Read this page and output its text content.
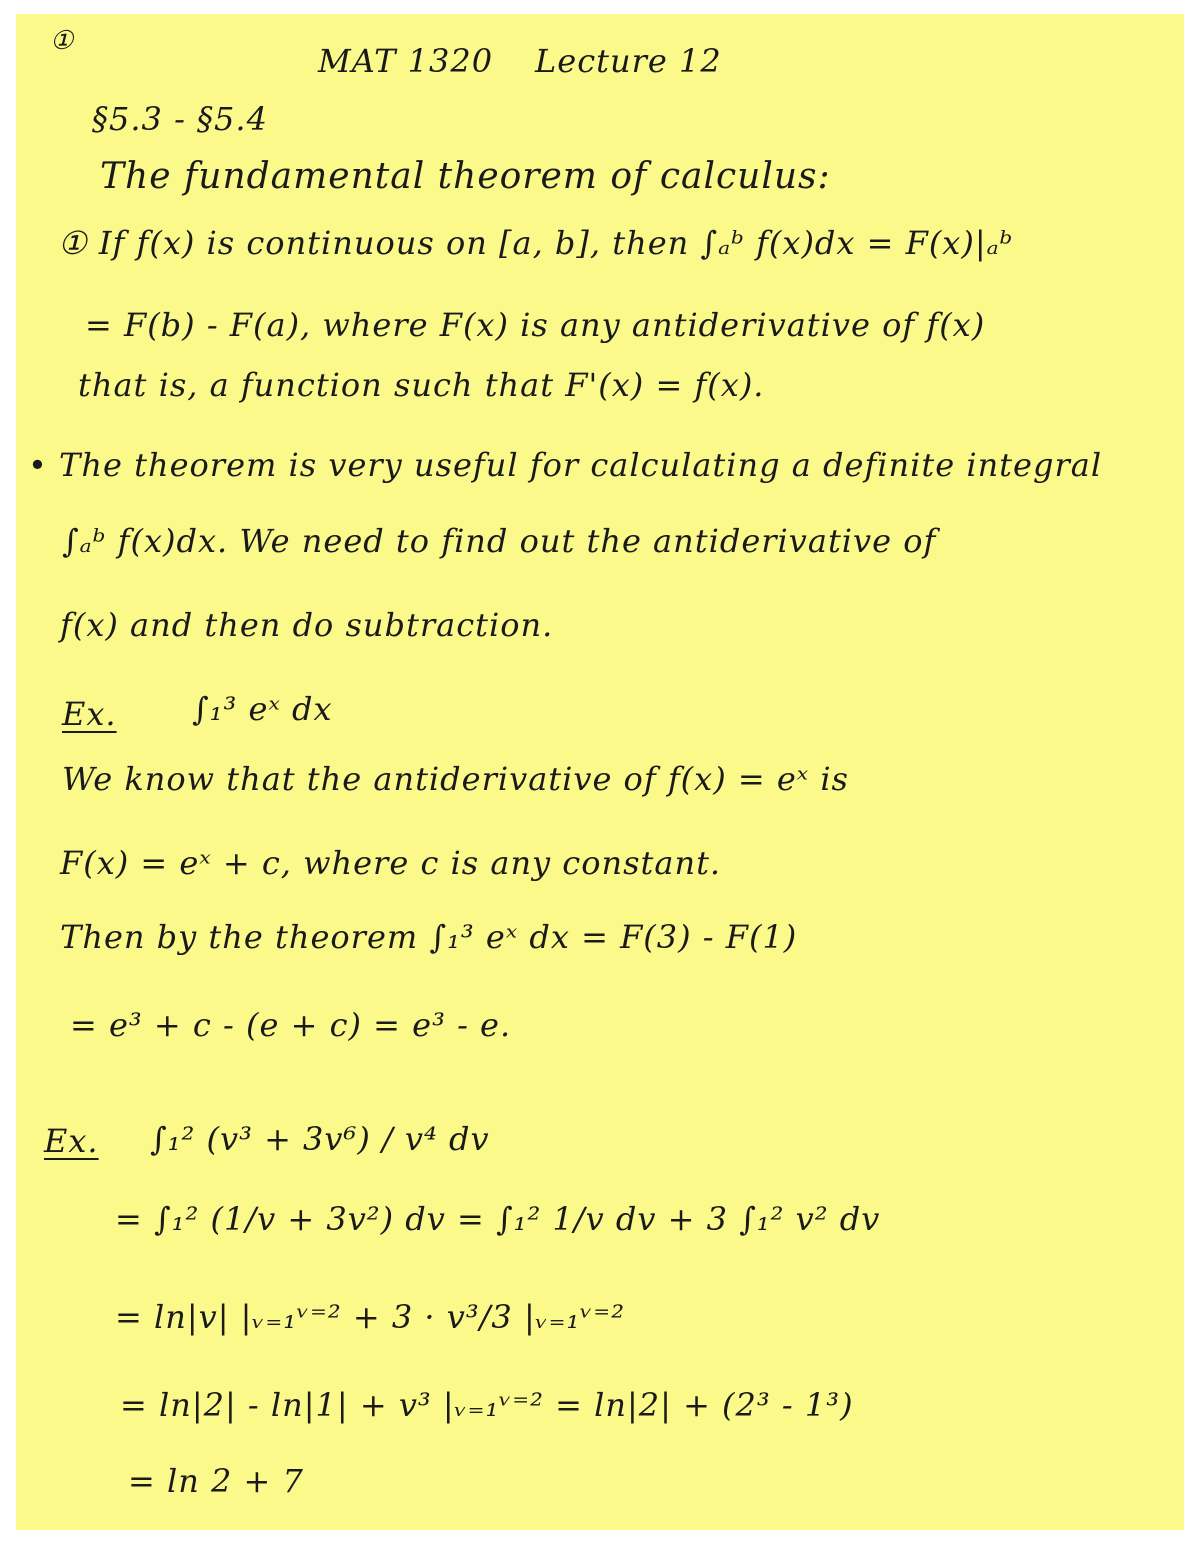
①
MAT 1320 Lecture 12
§5.3 - §5.4
The fundamental theorem of calculus:
① If f(x) is continuous on [a, b], then ∫ₐᵇ f(x)dx = F(x)|ₐᵇ
= F(b) - F(a), where F(x) is any antiderivative of f(x)
that is, a function such that F'(x) = f(x).
• The theorem is very useful for calculating a definite integral
∫ₐᵇ f(x)dx. We need to find out the antiderivative of
f(x) and then do subtraction.
Ex. ∫₁³ eˣ dx
We know that the antiderivative of f(x) = eˣ is
F(x) = eˣ + c, where c is any constant.
Then by the theorem ∫₁³ eˣ dx = F(3) - F(1)
= e³ + c - (e + c) = e³ - e.
Ex. ∫₁² (v³ + 3v⁶) / v⁴ dv
= ∫₁² (1/v + 3v²) dv = ∫₁² 1/v dv + 3 ∫₁² v² dv
= ln|v| |ᵥ₌₁ᵛ⁼² + 3 · v³/3 |ᵥ₌₁ᵛ⁼²
= ln|2| - ln|1| + v³ |ᵥ₌₁ᵛ⁼² = ln|2| + (2³ - 1³)
= ln 2 + 7
